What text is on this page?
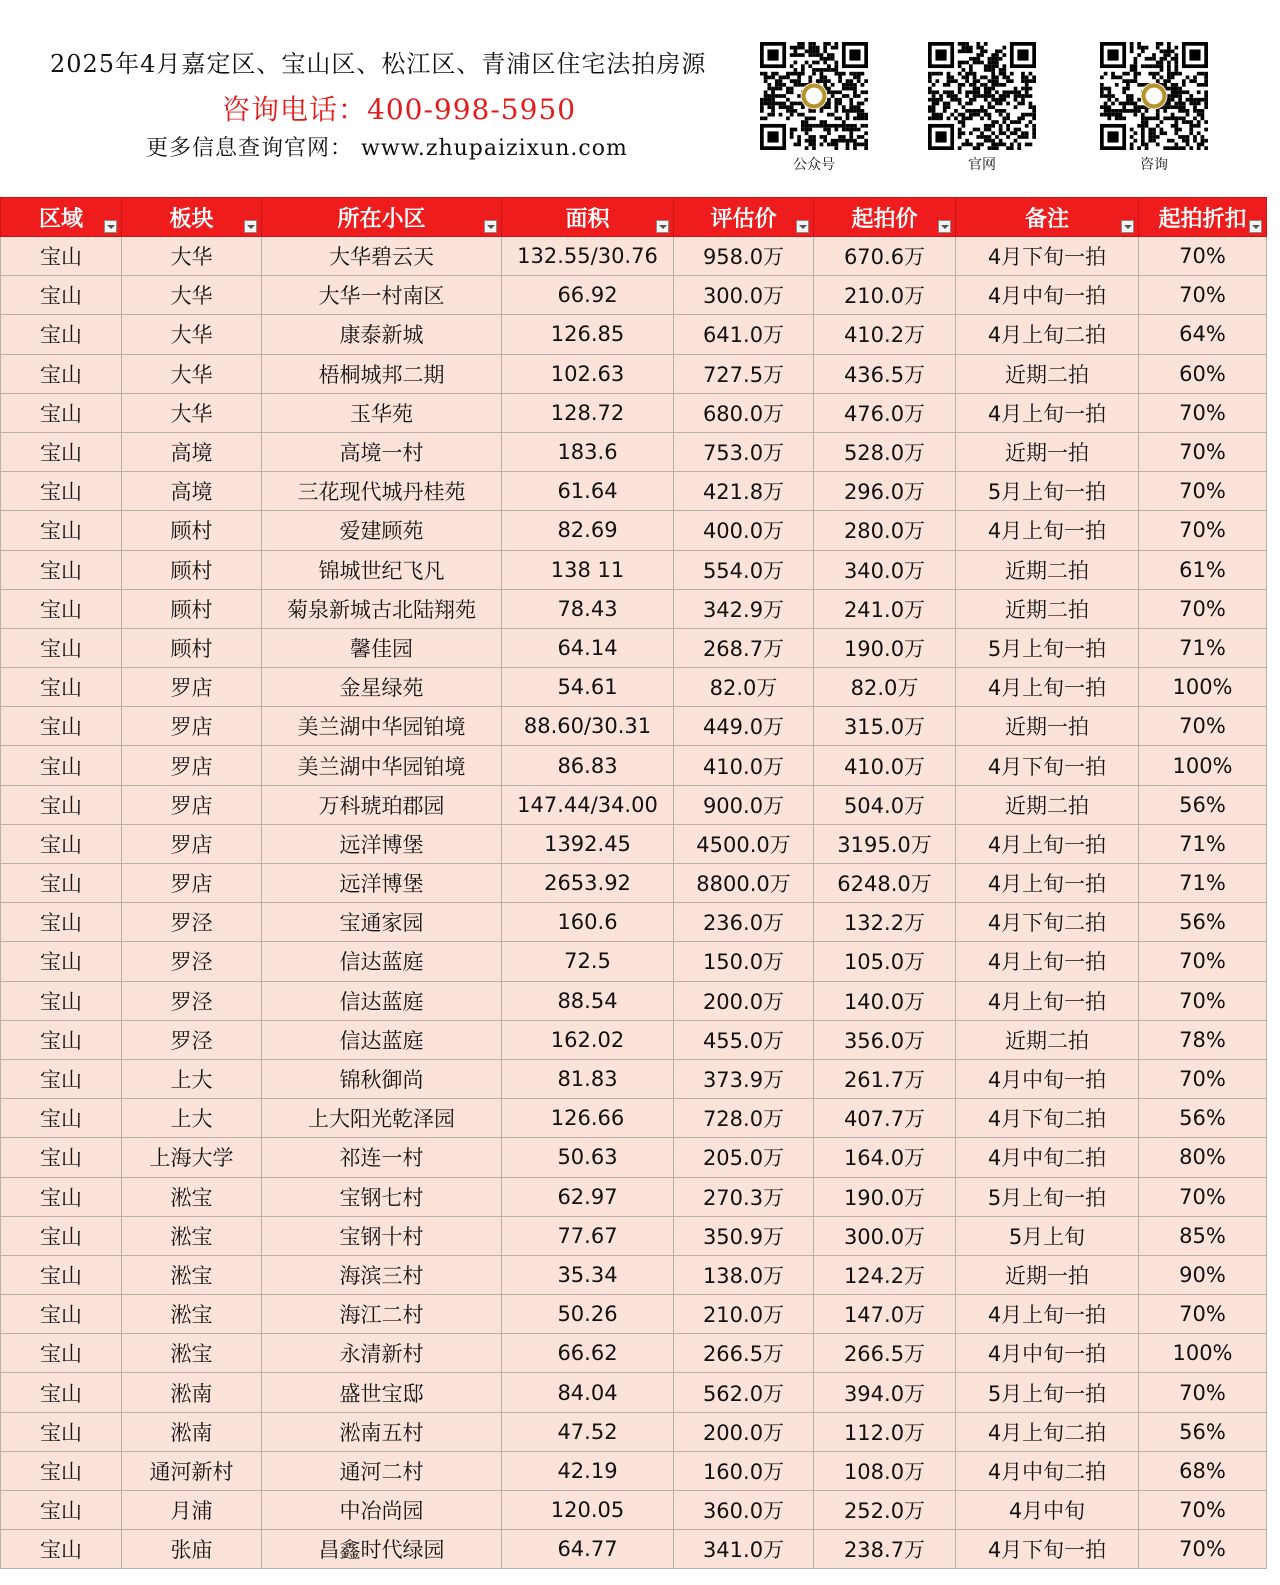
2025年4月嘉定区、宝山区、松江区、青浦区住宅法拍房源
咨询电话：400-998-5950
更多信息查询官网： www.zhupaizixun.com
公众号	官网	咨询
区域	板块	所在小区	面积	评估价	起拍价	备注	起拍折扣

宝山	大华	大华碧云天	132.55/30.76	958.0万	670.6万	4月下旬一拍	70%
宝山	大华	大华一村南区	66.92	300.0万	210.0万	4月中旬一拍	70%
宝山	大华	康泰新城	126.85	641.0万	410.2万	4月上旬二拍	64%
宝山	大华	梧桐城邦二期	102.63	727.5万	436.5万	近期二拍	60%
宝山	大华	玉华苑	128.72	680.0万	476.0万	4月上旬一拍	70%
宝山	高境	高境一村	183.6	753.0万	528.0万	近期一拍	70%
宝山	高境	三花现代城丹桂苑	61.64	421.8万	296.0万	5月上旬一拍	70%
宝山	顾村	爱建顾苑	82.69	400.0万	280.0万	4月上旬一拍	70%
宝山	顾村	锦城世纪飞凡	138 11	554.0万	340.0万	近期二拍	61%
宝山	顾村	菊泉新城古北陆翔苑	78.43	342.9万	241.0万	近期二拍	70%
宝山	顾村	馨佳园	64.14	268.7万	190.0万	5月上旬一拍	71%
宝山	罗店	金星绿苑	54.61	82.0万	82.0万	4月上旬一拍	100%
宝山	罗店	美兰湖中华园铂境	88.60/30.31	449.0万	315.0万	近期一拍	70%
宝山	罗店	美兰湖中华园铂境	86.83	410.0万	410.0万	4月下旬一拍	100%
宝山	罗店	万科琥珀郡园	147.44/34.00	900.0万	504.0万	近期二拍	56%
宝山	罗店	远洋博堡	1392.45	4500.0万	3195.0万	4月上旬一拍	71%
宝山	罗店	远洋博堡	2653.92	8800.0万	6248.0万	4月上旬一拍	71%
宝山	罗泾	宝通家园	160.6	236.0万	132.2万	4月下旬二拍	56%
宝山	罗泾	信达蓝庭	72.5	150.0万	105.0万	4月上旬一拍	70%
宝山	罗泾	信达蓝庭	88.54	200.0万	140.0万	4月上旬一拍	70%
宝山	罗泾	信达蓝庭	162.02	455.0万	356.0万	近期二拍	78%
宝山	上大	锦秋御尚	81.83	373.9万	261.7万	4月中旬一拍	70%
宝山	上大	上大阳光乾泽园	126.66	728.0万	407.7万	4月下旬二拍	56%
宝山	上海大学	祁连一村	50.63	205.0万	164.0万	4月中旬二拍	80%
宝山	淞宝	宝钢七村	62.97	270.3万	190.0万	5月上旬一拍	70%
宝山	淞宝	宝钢十村	77.67	350.9万	300.0万	5月上旬	85%
宝山	淞宝	海滨三村	35.34	138.0万	124.2万	近期一拍	90%
宝山	淞宝	海江二村	50.26	210.0万	147.0万	4月上旬一拍	70%
宝山	淞宝	永清新村	66.62	266.5万	266.5万	4月中旬一拍	100%
宝山	淞南	盛世宝邸	84.04	562.0万	394.0万	5月上旬一拍	70%
宝山	淞南	淞南五村	47.52	200.0万	112.0万	4月上旬二拍	56%
宝山	通河新村	通河二村	42.19	160.0万	108.0万	4月中旬二拍	68%
宝山	月浦	中冶尚园	120.05	360.0万	252.0万	4月中旬	70%
宝山	张庙	昌鑫时代绿园	64.77	341.0万	238.7万	4月下旬一拍	70%
